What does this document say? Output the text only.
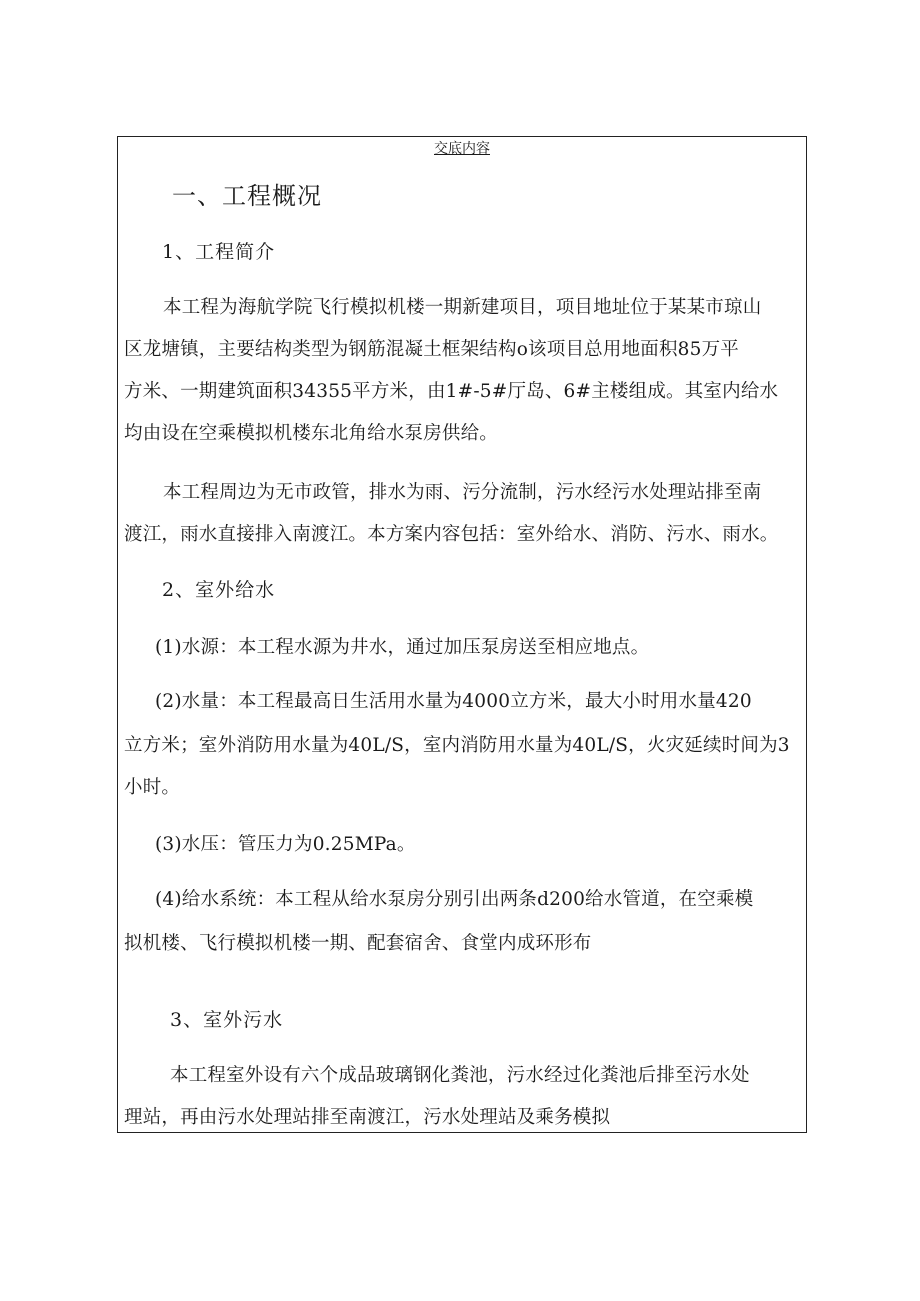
交底内容
一、工程概况
1、工程简介
本工程为海航学院飞行模拟机楼一期新建项目，项目地址位于某某市琼山
区龙塘镇，主要结构类型为钢筋混凝土框架结构o该项目总用地面积85万平
方米、一期建筑面积34355平方米，由1#-5#厅岛、6#主楼组成。其室内给水
均由设在空乘模拟机楼东北角给水泵房供给。
本工程周边为无市政管，排水为雨、污分流制，污水经污水处理站排至南
渡江，雨水直接排入南渡江。本方案内容包括：室外给水、消防、污水、雨水。
2、室外给水
(1)水源：本工程水源为井水，通过加压泵房送至相应地点。
(2)水量：本工程最高日生活用水量为4000立方米，最大小时用水量420
立方米；室外消防用水量为40L/S，室内消防用水量为40L/S，火灾延续时间为3
小时。
(3)水压：管压力为0.25MPa。
(4)给水系统：本工程从给水泵房分别引出两条d200给水管道，在空乘模
拟机楼、飞行模拟机楼一期、配套宿舍、食堂内成环形布
3、室外污水
本工程室外设有六个成品玻璃钢化粪池，污水经过化粪池后排至污水处
理站，再由污水处理站排至南渡江，污水处理站及乘务模拟
